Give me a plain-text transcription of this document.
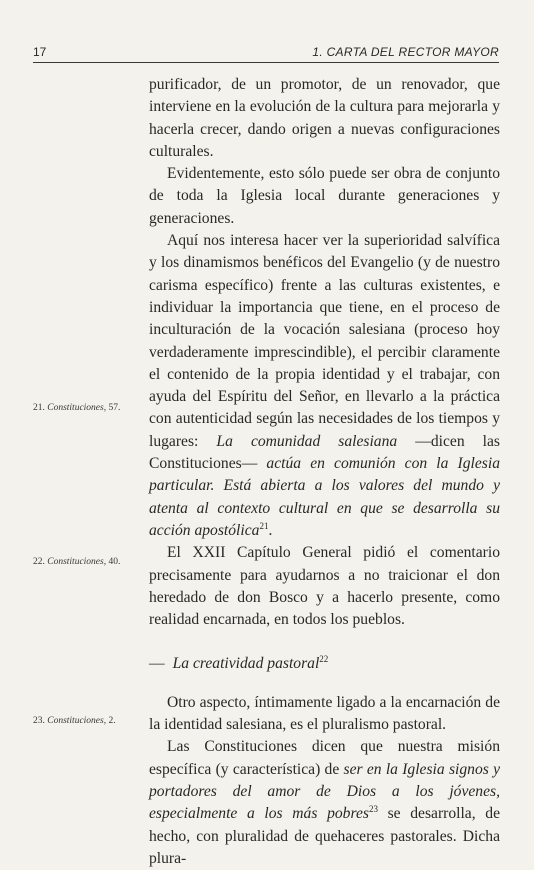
17	1. CARTA DEL RECTOR MAYOR

purificador, de un promotor, de un renovador, que interviene en la evolución de la cultura para mejorarla y hacerla crecer, dando origen a nuevas configuraciones culturales.

Evidentemente, esto sólo puede ser obra de conjunto de toda la Iglesia local durante generaciones y generaciones.

Aquí nos interesa hacer ver la superioridad salvífica y los dinamismos benéficos del Evangelio (y de nuestro carisma específico) frente a las culturas existentes, e individuar la importancia que tiene, en el proceso de inculturación de la vocación salesiana (proceso hoy verdaderamente imprescindible), el percibir claramente el contenido de la propia identidad y el trabajar, con ayuda del Espíritu del Señor, en llevarlo a la práctica con autenticidad según las necesidades de los tiempos y lugares: La comunidad salesiana —dicen las Constituciones— actúa en comunión con la Iglesia particular. Está abierta a los valores del mundo y atenta al contexto cultural en que se desarrolla su acción apostólica$^{21}$.

El XXII Capítulo General pidió el comentario precisamente para ayudarnos a no traicionar el don heredado de don Bosco y a hacerlo presente, como realidad encarnada, en todos los pueblos.

— La creatividad pastoral$^{22}$

Otro aspecto, íntimamente ligado a la encarnación de la identidad salesiana, es el pluralismo pastoral.

Las Constituciones dicen que nuestra misión específica (y característica) de ser en la Iglesia signos y portadores del amor de Dios a los jóvenes, especialmente a los más pobres$^{23}$ se desarrolla, de hecho, con pluralidad de quehaceres pastorales. Dicha plura-

21. Constituciones, 57.
22. Constituciones, 40.
23. Constituciones, 2.
